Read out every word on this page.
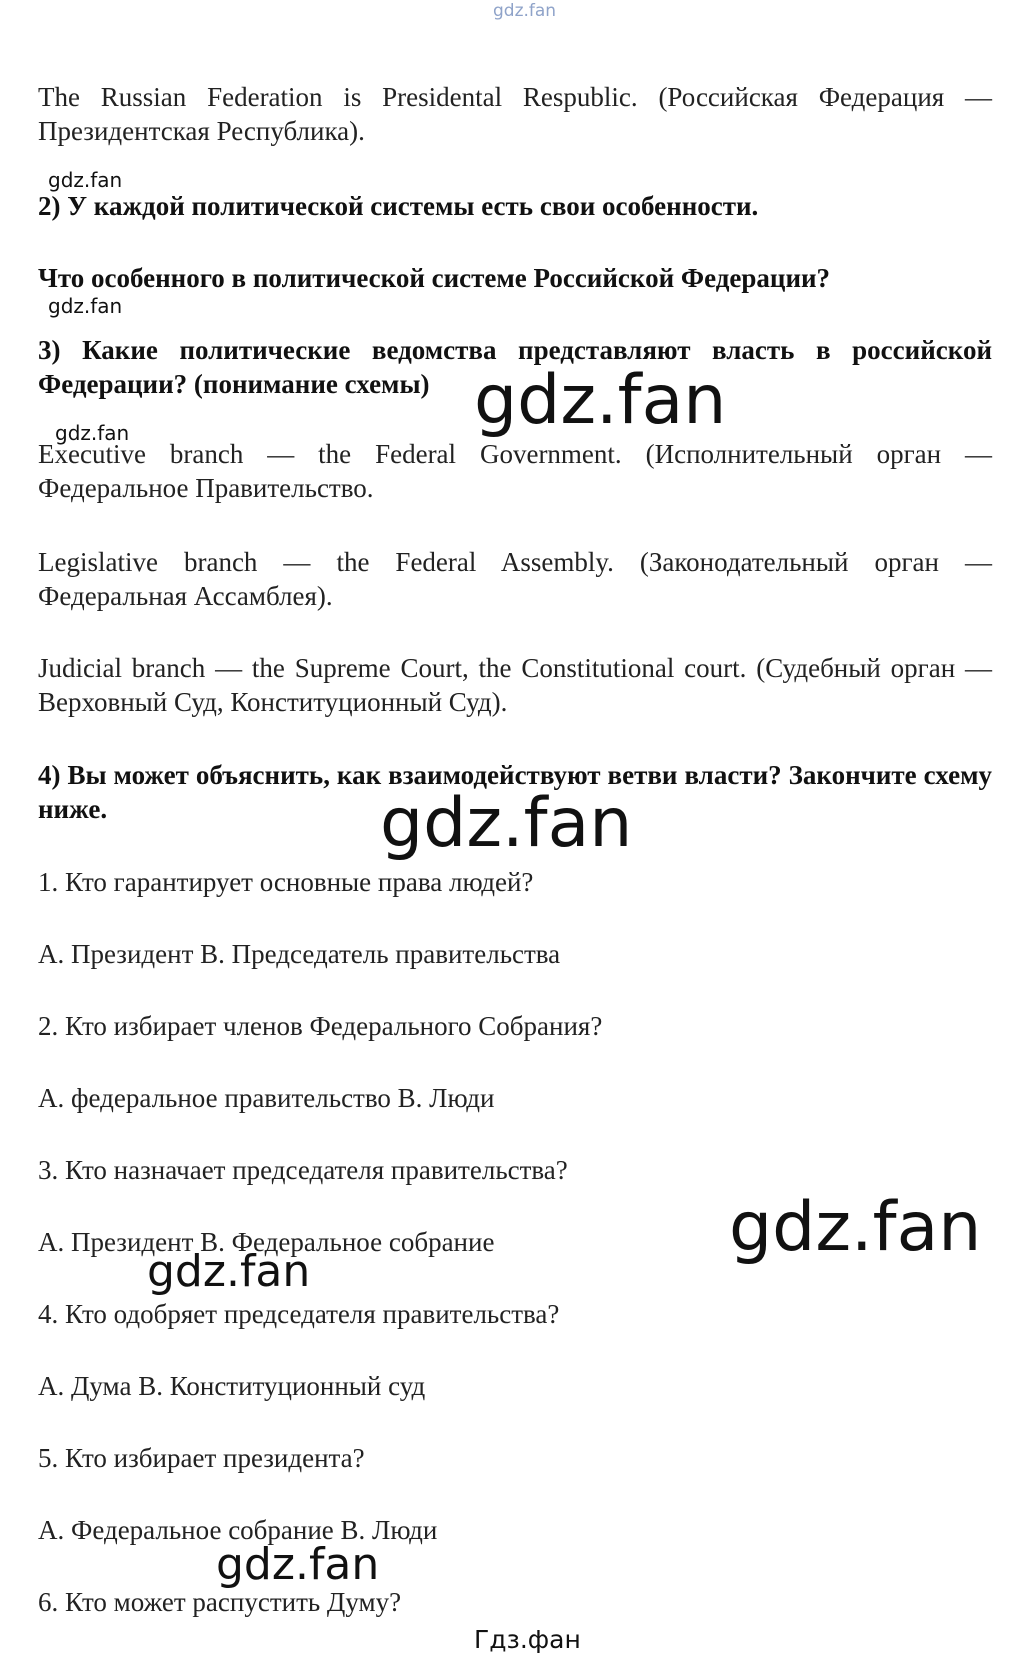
gdz.fan

The Russian Federation is Presidental Respublic. (Российская Федерация — Президентская Республика).

gdz.fan

2) У каждой политической системы есть свои особенности.

Что особенного в политической системе Российской Федерации?

gdz.fan

3) Какие политические ведомства представляют власть в российской Федерации? (понимание схемы) gdz.fan
gdz.fan

Executive branch — the Federal Government. (Исполнительный орган — Федеральное Правительство.

Legislative branch — the Federal Assembly. (Законодательный орган — Федеральная Ассамблея).

Judicial branch — the Supreme Court, the Constitutional court. (Судебный орган — Верховный Суд, Конституционный Суд).

4) Вы может объяснить, как взаимодействуют ветви власти? Закончите схему ниже.	gdz.fan

1. Кто гарантирует основные права людей?

A. Президент B. Председатель правительства

2. Кто избирает членов Федерального Собрания?

A. федеральное правительство B. Люди

3. Кто назначает председателя правительства?

A. Президент B. Федеральное собрание	gdz.fan
gdz.fan

4. Кто одобряет председателя правительства?

A. Дума B. Конституционный суд

5. Кто избирает президента?

A. Федеральное собрание B. Люди

gdz.fan

6. Кто может распустить Думу?

Гдз.фан
